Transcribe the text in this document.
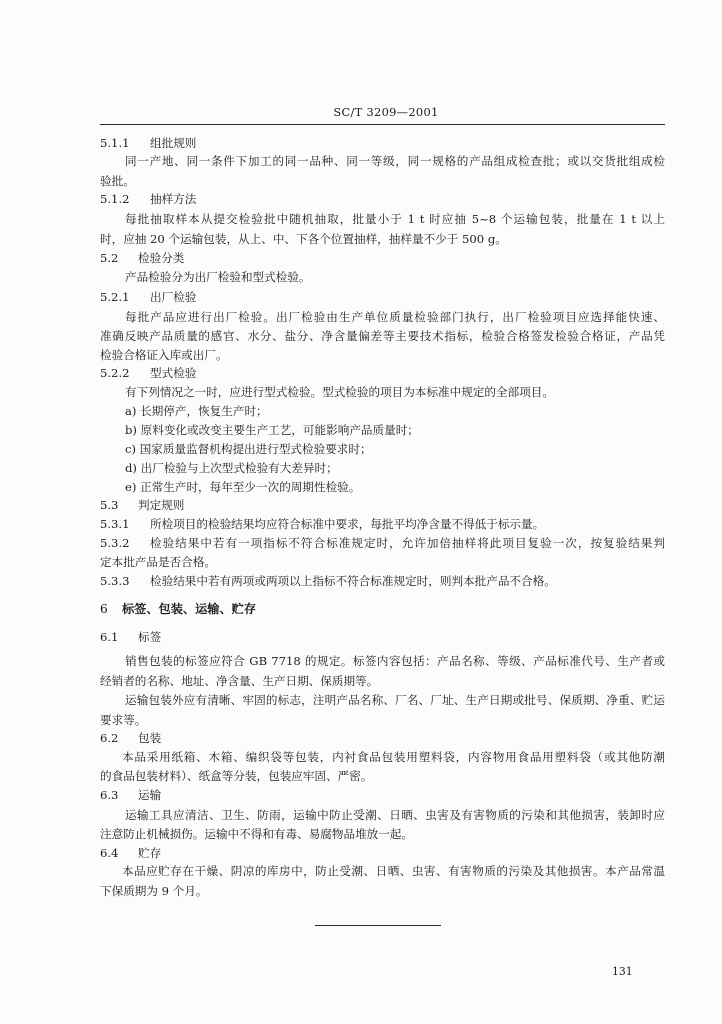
SC/T 3209—2001
5.1.1 组批规则
同一产地、同一条件下加工的同一品种、同一等级，同一规格的产品组成检查批；或以交货批组成检
验批。
5.1.2 抽样方法
每批抽取样本从提交检验批中随机抽取，批量小于 1 t 时应抽 5~8 个运输包装，批量在 1 t 以上
时，应抽 20 个运输包装，从上、中、下各个位置抽样，抽样量不少于 500 g。
5.2 检验分类
产品检验分为出厂检验和型式检验。
5.2.1 出厂检验
每批产品应进行出厂检验。出厂检验由生产单位质量检验部门执行，出厂检验项目应选择能快速、
准确反映产品质量的感官、水分、盐分、净含量偏差等主要技术指标，检验合格签发检验合格证，产品凭
检验合格证入库或出厂。
5.2.2 型式检验
有下列情况之一时，应进行型式检验。型式检验的项目为本标准中规定的全部项目。
a) 长期停产，恢复生产时；
b) 原料变化或改变主要生产工艺，可能影响产品质量时；
c) 国家质量监督机构提出进行型式检验要求时；
d) 出厂检验与上次型式检验有大差异时；
e) 正常生产时，每年至少一次的周期性检验。
5.3 判定规则
5.3.1 所检项目的检验结果均应符合标准中要求，每批平均净含量不得低于标示量。
5.3.2 检验结果中若有一项指标不符合标准规定时，允许加倍抽样将此项目复验一次，按复验结果判
定本批产品是否合格。
5.3.3 检验结果中若有两项或两项以上指标不符合标准规定时，则判本批产品不合格。
6 标签、包装、运输、贮存
6.1 标签
销售包装的标签应符合 GB 7718 的规定。标签内容包括：产品名称、等级、产品标准代号、生产者或
经销者的名称、地址、净含量、生产日期、保质期等。
运输包装外应有清晰、牢固的标志，注明产品名称、厂名、厂址、生产日期或批号、保质期、净重、贮运
要求等。
6.2 包装
本品采用纸箱、木箱、编织袋等包装，内衬食品包装用塑料袋，内容物用食品用塑料袋（或其他防潮
的食品包装材料）、纸盒等分装，包装应牢固、严密。
6.3 运输
运输工具应清洁、卫生、防雨，运输中防止受潮、日晒、虫害及有害物质的污染和其他损害，装卸时应
注意防止机械损伤。运输中不得和有毒、易腐物品堆放一起。
6.4 贮存
本品应贮存在干燥、阴凉的库房中，防止受潮、日晒、虫害、有害物质的污染及其他损害。本产品常温
下保质期为 9 个月。
131
